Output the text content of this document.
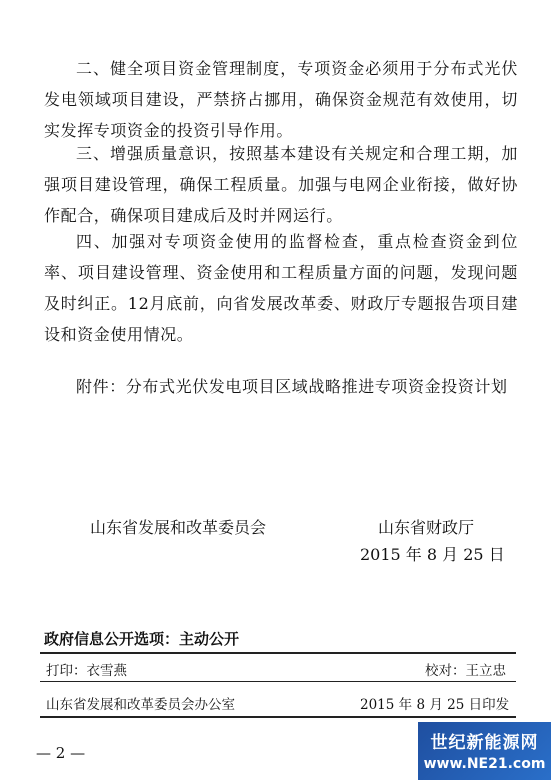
二、健全项目资金管理制度，专项资金必须用于分布式光伏发电领域项目建设，严禁挤占挪用，确保资金规范有效使用，切实发挥专项资金的投资引导作用。

三、增强质量意识，按照基本建设有关规定和合理工期，加强项目建设管理，确保工程质量。加强与电网企业衔接，做好协作配合，确保项目建成后及时并网运行。

四、加强对专项资金使用的监督检查，重点检查资金到位率、项目建设管理、资金使用和工程质量方面的问题，发现问题及时纠正。12月底前，向省发展改革委、财政厅专题报告项目建设和资金使用情况。

附件：分布式光伏发电项目区域战略推进专项资金投资计划

山东省发展和改革委员会	山东省财政厅
2015 年 8 月 25 日
政府信息公开选项：主动公开
打印：衣雪燕	校对：王立忠
山东省发展和改革委员会办公室	2015 年 8 月 25 日印发
— 2 —	世纪新能源网
www.NE21.com
